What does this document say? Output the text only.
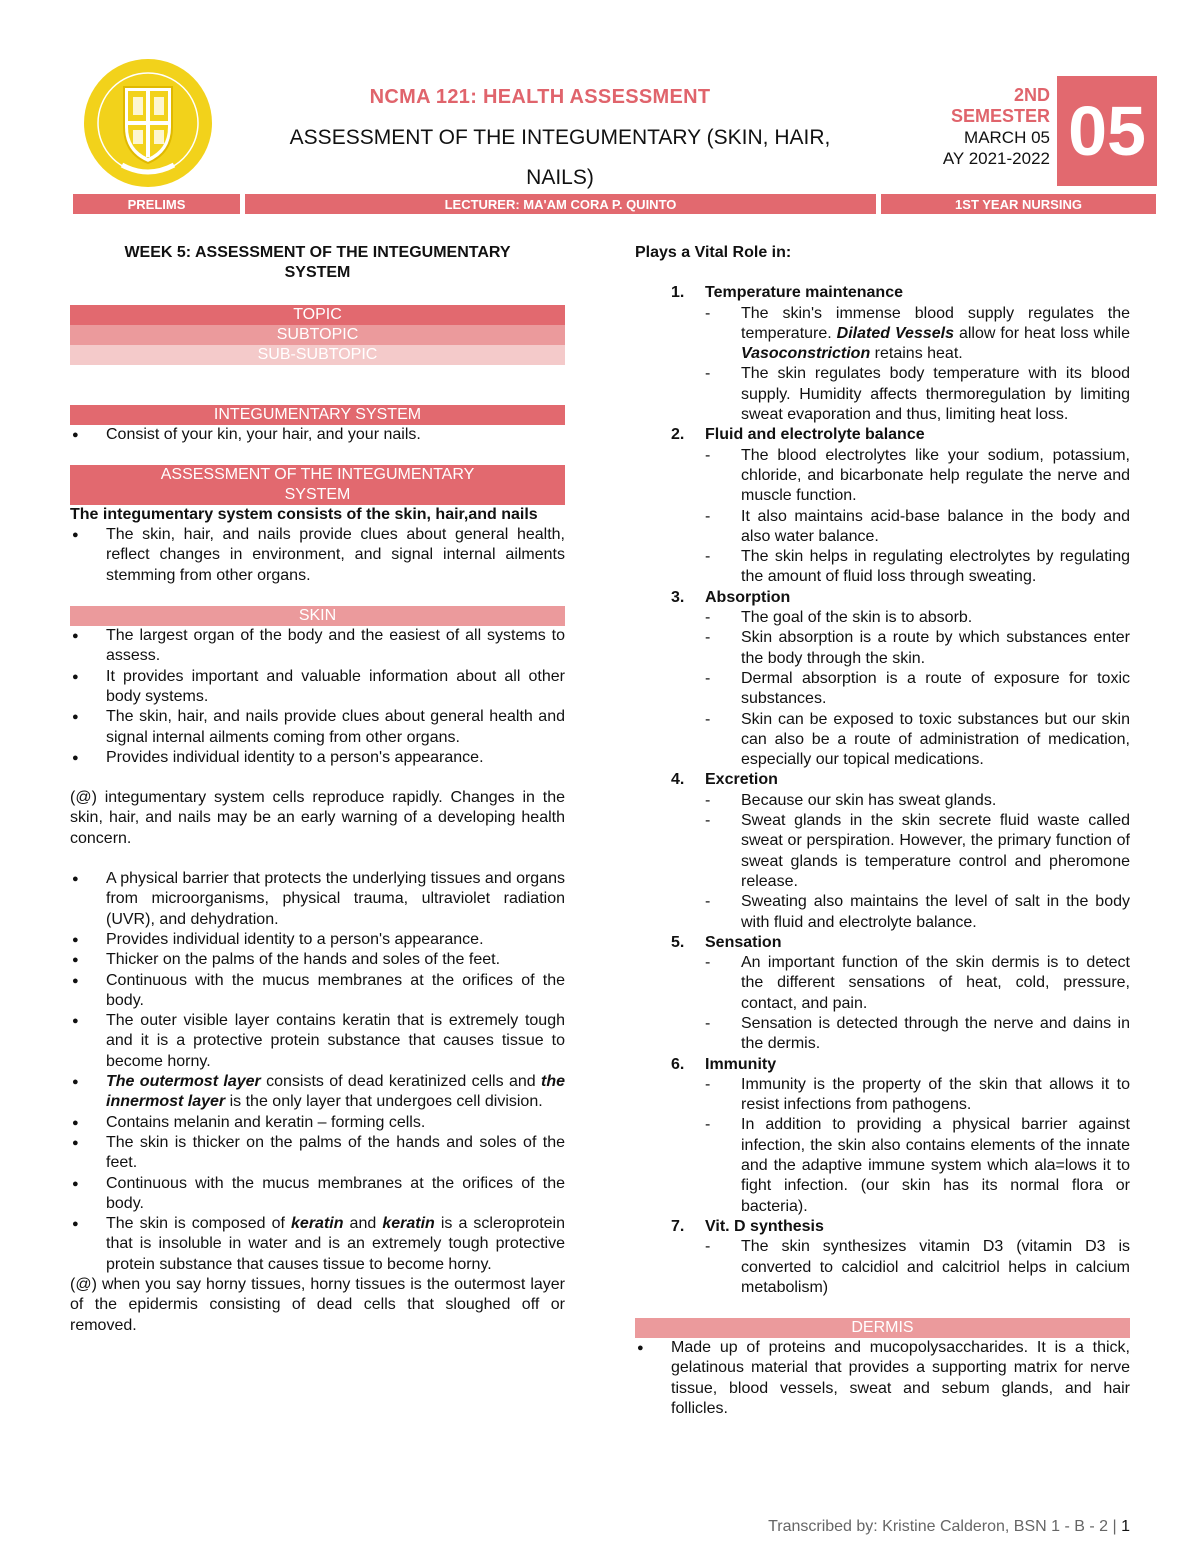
NCMA 121: HEALTH ASSESSMENT
ASSESSMENT OF THE INTEGUMENTARY (SKIN, HAIR, NAILS)
2ND SEMESTER
MARCH 05
AY 2021-2022 05
PRELIMS	LECTURER: MA'AM CORA P. QUINTO	1ST YEAR NURSING
WEEK 5: ASSESSMENT OF THE INTEGUMENTARY SYSTEM
TOPIC
SUBTOPIC
SUB-SUBTOPIC
INTEGUMENTARY SYSTEM
● Consist of your kin, your hair, and your nails.
ASSESSMENT OF THE INTEGUMENTARY SYSTEM
The integumentary system consists of the skin, hair,and nails
● The skin, hair, and nails provide clues about general health, reflect changes in environment, and signal internal ailments stemming from other organs.
SKIN
● The largest organ of the body and the easiest of all systems to assess.
● It provides important and valuable information about all other body systems.
● The skin, hair, and nails provide clues about general health and signal internal ailments coming from other organs.
● Provides individual identity to a person's appearance.
(@) integumentary system cells reproduce rapidly. Changes in the skin, hair, and nails may be an early warning of a developing health concern.
● A physical barrier that protects the underlying tissues and organs from microorganisms, physical trauma, ultraviolet radiation (UVR), and dehydration.
● Provides individual identity to a person's appearance.
● Thicker on the palms of the hands and soles of the feet.
● Continuous with the mucus membranes at the orifices of the body.
● The outer visible layer contains keratin that is extremely tough and it is a protective protein substance that causes tissue to become horny.
● The outermost layer consists of dead keratinized cells and the innermost layer is the only layer that undergoes cell division.
● Contains melanin and keratin – forming cells.
● The skin is thicker on the palms of the hands and soles of the feet.
● Continuous with the mucus membranes at the orifices of the body.
● The skin is composed of keratin and keratin is a scleroprotein that is insoluble in water and is an extremely tough protective protein substance that causes tissue to become horny.
(@) when you say horny tissues, horny tissues is the outermost layer of the epidermis consisting of dead cells that sloughed off or removed.
Plays a Vital Role in:
1. Temperature maintenance
- The skin's immense blood supply regulates the temperature. Dilated Vessels allow for heat loss while Vasoconstriction retains heat.
- The skin regulates body temperature with its blood supply. Humidity affects thermoregulation by limiting sweat evaporation and thus, limiting heat loss.
2. Fluid and electrolyte balance
- The blood electrolytes like your sodium, potassium, chloride, and bicarbonate help regulate the nerve and muscle function.
- It also maintains acid-base balance in the body and also water balance.
- The skin helps in regulating electrolytes by regulating the amount of fluid loss through sweating.
3. Absorption
- The goal of the skin is to absorb.
- Skin absorption is a route by which substances enter the body through the skin.
- Dermal absorption is a route of exposure for toxic substances.
- Skin can be exposed to toxic substances but our skin can also be a route of administration of medication, especially our topical medications.
4. Excretion
- Because our skin has sweat glands.
- Sweat glands in the skin secrete fluid waste called sweat or perspiration. However, the primary function of sweat glands is temperature control and pheromone release.
- Sweating also maintains the level of salt in the body with fluid and electrolyte balance.
5. Sensation
- An important function of the skin dermis is to detect the different sensations of heat, cold, pressure, contact, and pain.
- Sensation is detected through the nerve and dains in the dermis.
6. Immunity
- Immunity is the property of the skin that allows it to resist infections from pathogens.
- In addition to providing a physical barrier against infection, the skin also contains elements of the innate and the adaptive immune system which ala=lows it to fight infection. (our skin has its normal flora or bacteria).
7. Vit. D synthesis
- The skin synthesizes vitamin D3 (vitamin D3 is converted to calcidiol and calcitriol helps in calcium metabolism)
DERMIS
● Made up of proteins and mucopolysaccharides. It is a thick, gelatinous material that provides a supporting matrix for nerve tissue, blood vessels, sweat and sebum glands, and hair follicles.
Transcribed by: Kristine Calderon, BSN 1 - B - 2 | 1
